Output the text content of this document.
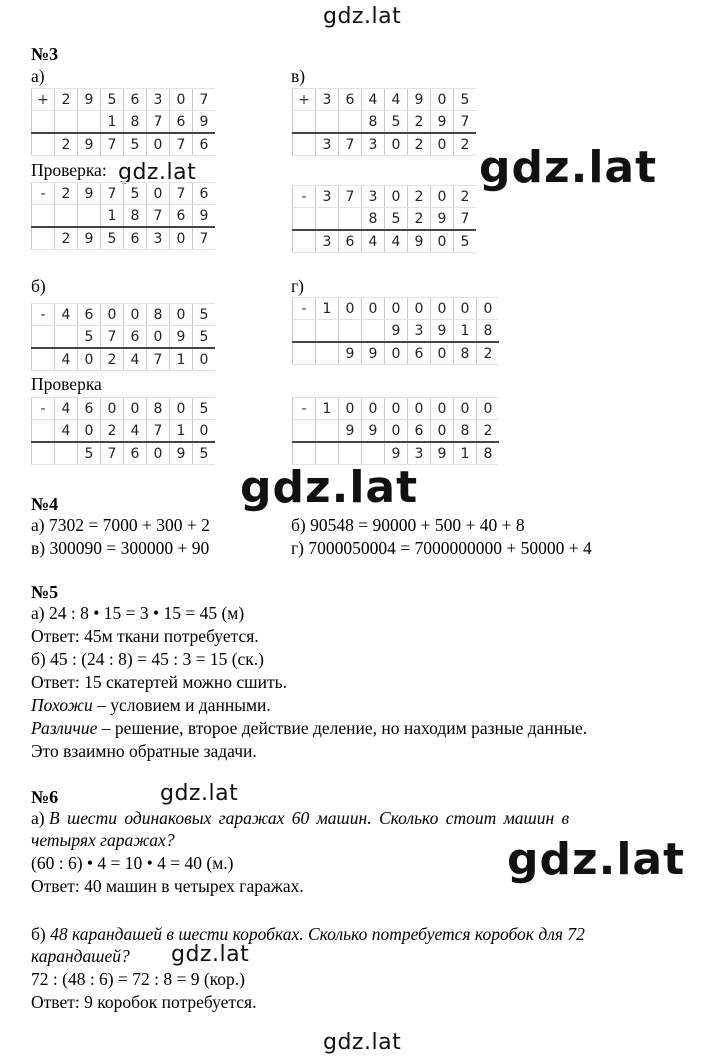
gdz.lat
gdz.lat	gdz.lat
gdz.lat
gdz.lat
gdz.lat
gdz.lat
gdz.lat
№3
а)	в)
+	2	9	5	6	3	0	7
			1	8	7	6	9
	2	9	7	5	0	7	6
+	3	6	4	4	9	0	5
			8	5	2	9	7
	3	7	3	0	2	0	2
Проверка:
-	2	9	7	5	0	7	6
			1	8	7	6	9
	2	9	5	6	3	0	7
-	3	7	3	0	2	0	2
			8	5	2	9	7
	3	6	4	4	9	0	5
б)	г)
-	4	6	0	0	8	0	5
		5	7	6	0	9	5
	4	0	2	4	7	1	0
-	1	0	0	0	0	0	0	0
				9	3	9	1	8
		9	9	0	6	0	8	2
Проверка
-	4	6	0	0	8	0	5
	4	0	2	4	7	1	0
		5	7	6	0	9	5
-	1	0	0	0	0	0	0	0
		9	9	0	6	0	8	2
				9	3	9	1	8
№4
а) 7302 = 7000 + 300 + 2	б) 90548 = 90000 + 500 + 40 + 8
в) 300090 = 300000 + 90	г) 7000050004 = 7000000000 + 50000 + 4
№5
а) 24 : 8 • 15 = 3 • 15 = 45 (м)
Ответ: 45м ткани потребуется.
б) 45 : (24 : 8) = 45 : 3 = 15 (ск.)
Ответ: 15 скатертей можно сшить.
Похожи – условием и данными.
Различие – решение, второе действие деление, но находим разные данные.
Это взаимно обратные задачи.
№6
а) В шести одинаковых гаражах 60 машин. Сколько стоит машин в
четырях гаражах?
(60 : 6) • 4 = 10 • 4 = 40 (м.)
Ответ: 40 машин в четырех гаражах.
б) 48 карандашей в шести коробках. Сколько потребуется коробок для 72
карандашей?
72 : (48 : 6) = 72 : 8 = 9 (кор.)
Ответ: 9 коробок потребуется.
